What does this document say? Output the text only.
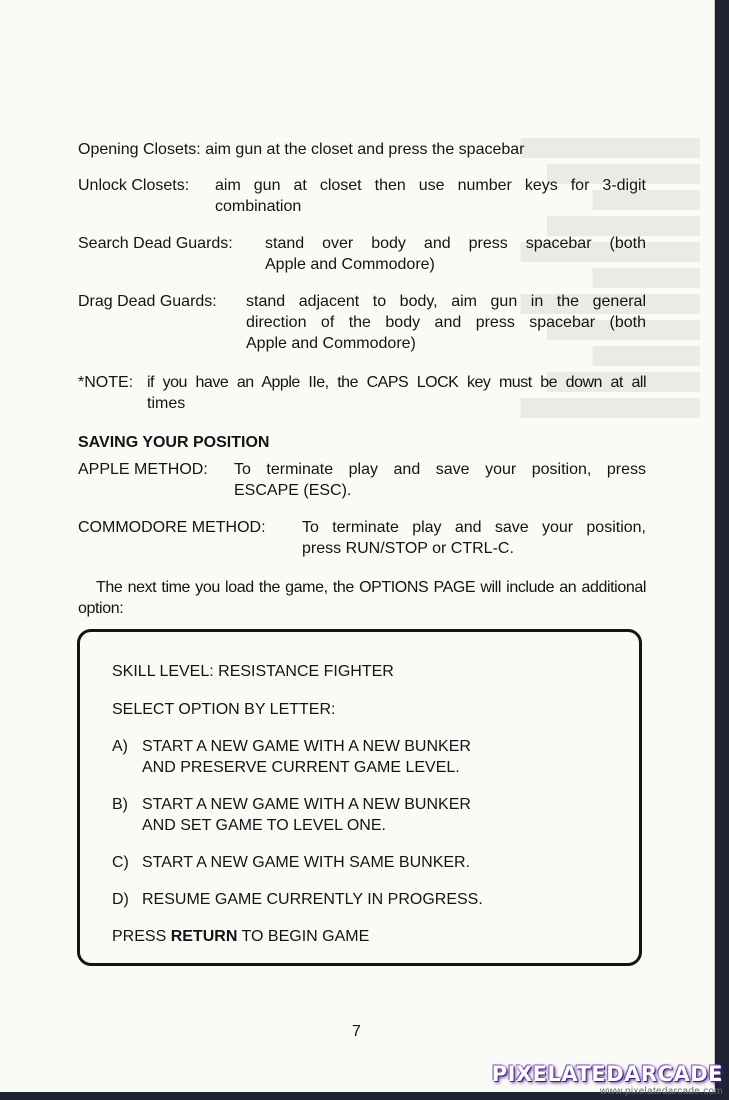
Opening Closets: aim gun at the closet and press the spacebar
Unlock Closets: aim gun at closet then use number keys for 3-digit
combination
Search Dead Guards: stand over body and press spacebar (both
Apple and Commodore)
Drag Dead Guards: stand adjacent to body, aim gun in the general
direction of the body and press spacebar (both
Apple and Commodore)
*NOTE: if you have an Apple IIe, the CAPS LOCK key must be down at all
times
SAVING YOUR POSITION
APPLE METHOD: To terminate play and save your position, press
ESCAPE (ESC).
COMMODORE METHOD: To terminate play and save your position,
press RUN/STOP or CTRL-C.

The next time you load the game, the OPTIONS PAGE will include an additional option:

SKILL LEVEL: RESISTANCE FIGHTER
SELECT OPTION BY LETTER:
A) START A NEW GAME WITH A NEW BUNKER
AND PRESERVE CURRENT GAME LEVEL.
B) START A NEW GAME WITH A NEW BUNKER
AND SET GAME TO LEVEL ONE.
C) START A NEW GAME WITH SAME BUNKER.
D) RESUME GAME CURRENTLY IN PROGRESS.
PRESS RETURN TO BEGIN GAME
7
PIXELATEDARCADE
www.pixelatedarcade.com
